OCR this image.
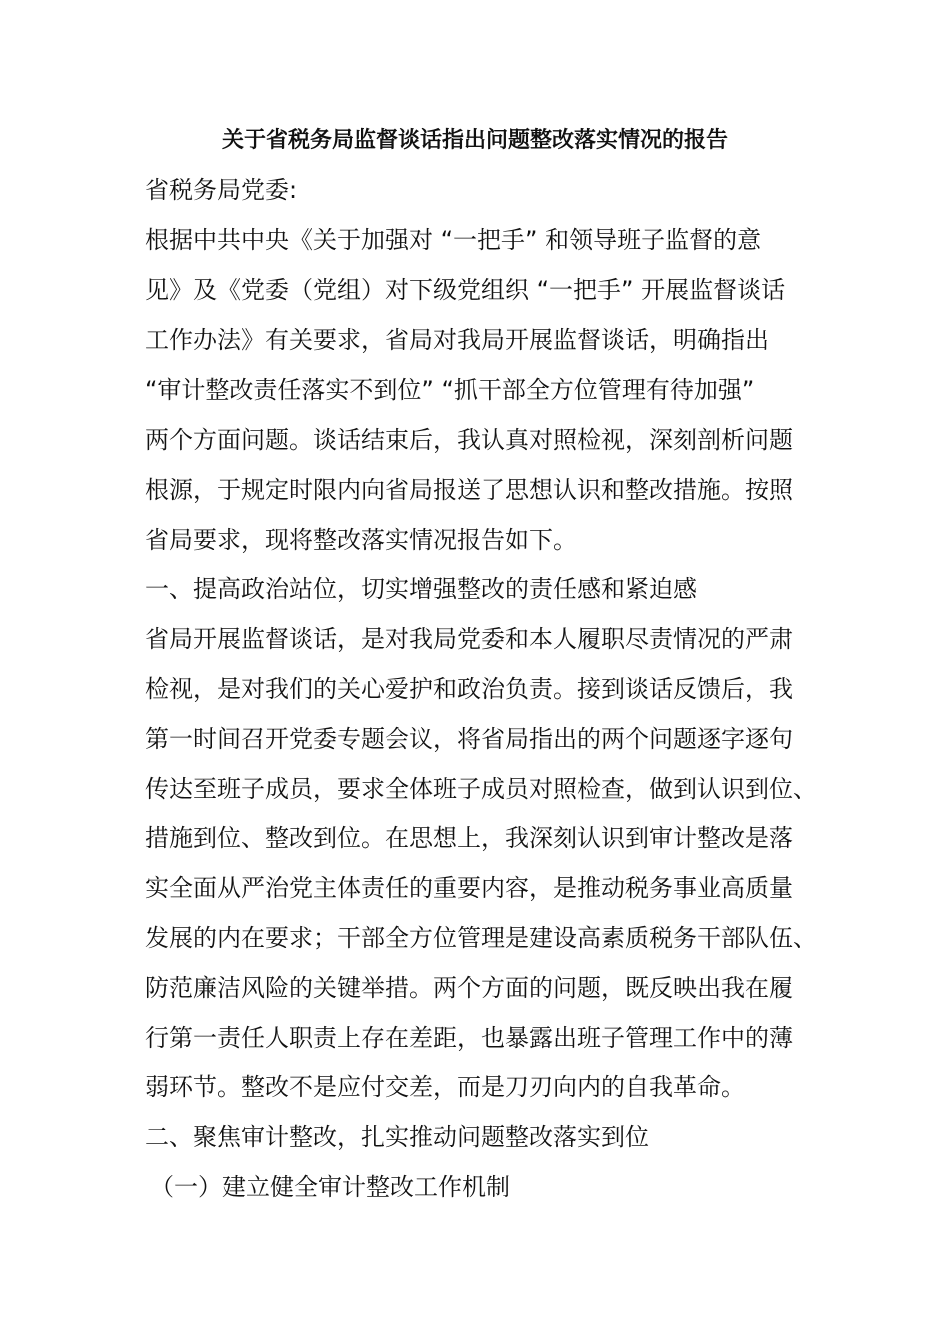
关于省税务局监督谈话指出问题整改落实情况的报告
省税务局党委:
根据中共中央《关于加强对 “一把手” 和领导班子监督的意
见》及《党委（党组）对下级党组织 “一把手” 开展监督谈话
工作办法》有关要求，省局对我局开展监督谈话，明确指出
“审计整改责任落实不到位” “抓干部全方位管理有待加强”
两个方面问题。谈话结束后，我认真对照检视，深刻剖析问题
根源，于规定时限内向省局报送了思想认识和整改措施。按照
省局要求，现将整改落实情况报告如下。
一、提高政治站位，切实增强整改的责任感和紧迫感
省局开展监督谈话，是对我局党委和本人履职尽责情况的严肃
检视，是对我们的关心爱护和政治负责。接到谈话反馈后，我
第一时间召开党委专题会议，将省局指出的两个问题逐字逐句
传达至班子成员，要求全体班子成员对照检查，做到认识到位、
措施到位、整改到位。在思想上，我深刻认识到审计整改是落
实全面从严治党主体责任的重要内容，是推动税务事业高质量
发展的内在要求；干部全方位管理是建设高素质税务干部队伍、
防范廉洁风险的关键举措。两个方面的问题，既反映出我在履
行第一责任人职责上存在差距，也暴露出班子管理工作中的薄
弱环节。整改不是应付交差，而是刀刃向内的自我革命。
二、聚焦审计整改，扎实推动问题整改落实到位
（一）建立健全审计整改工作机制
